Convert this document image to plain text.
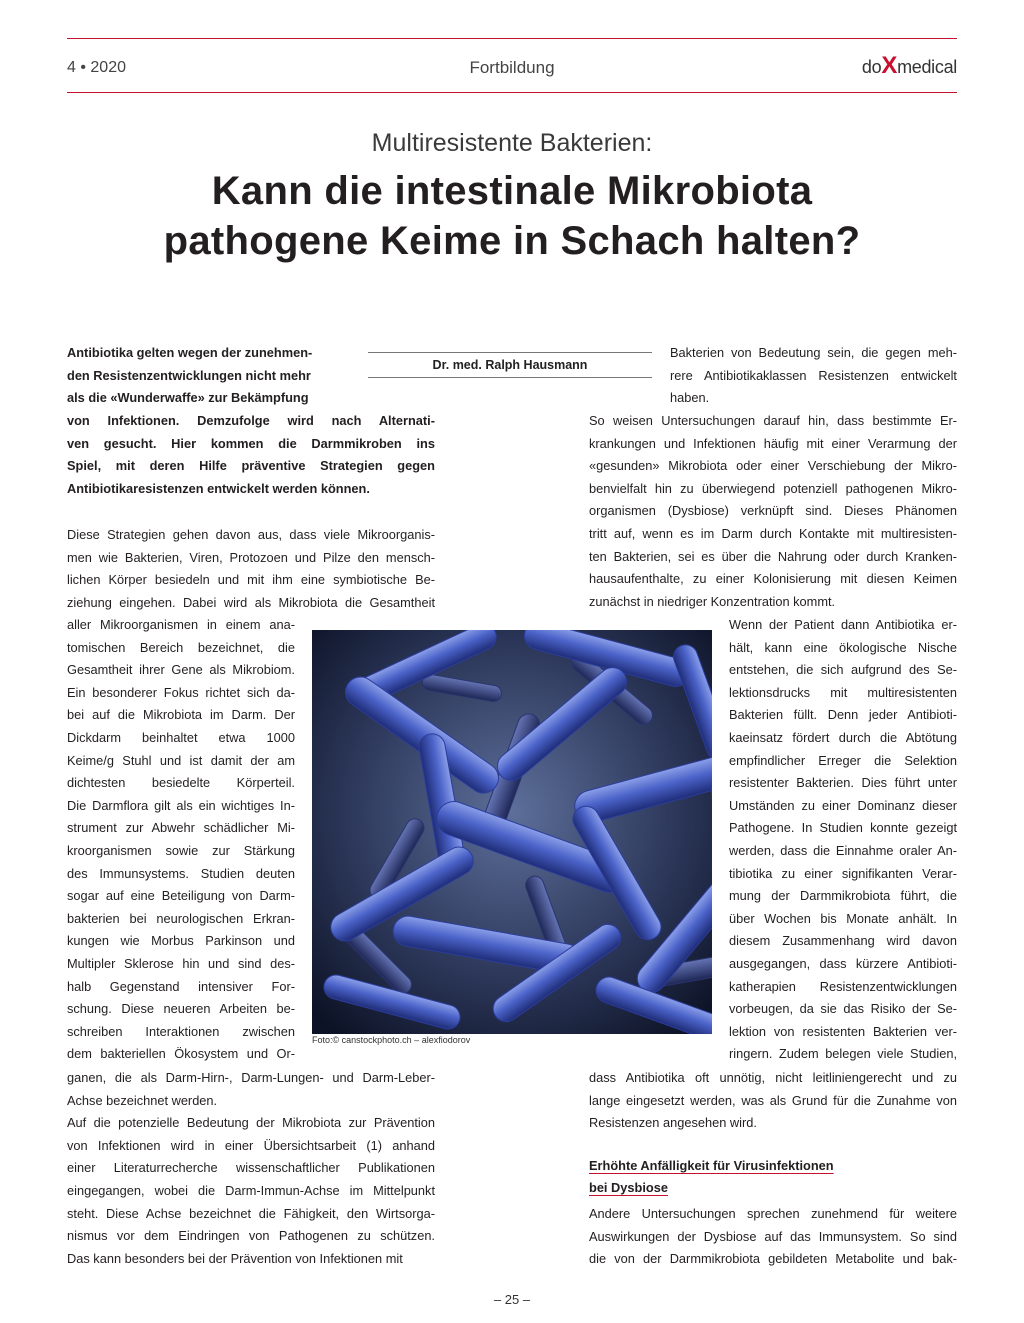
4 • 2020	Fortbildung	doXmedical
Multiresistente Bakterien:
Kann die intestinale Mikrobiota
pathogene Keime in Schach halten?
Dr. med. Ralph Hausmann
Antibiotika gelten wegen der zunehmen-
den Resistenzentwicklungen nicht mehr
als die «Wunderwaffe» zur Bekämpfung
von Infektionen. Demzufolge wird nach Alternati-
ven gesucht. Hier kommen die Darmmikroben ins
Spiel, mit deren Hilfe präventive Strategien gegen
Antibiotikaresistenzen entwickelt werden können.
Diese Strategien gehen davon aus, dass viele Mikroorganis-
men wie Bakterien, Viren, Protozoen und Pilze den mensch-
lichen Körper besiedeln und mit ihm eine symbiotische Be-
ziehung eingehen. Dabei wird als Mikrobiota die Gesamtheit
aller Mikroorganismen in einem ana-
tomischen Bereich bezeichnet, die
Gesamtheit ihrer Gene als Mikrobiom.
Ein besonderer Fokus richtet sich da-
bei auf die Mikrobiota im Darm. Der
Dickdarm beinhaltet etwa 1000
Keime/g Stuhl und ist damit der am
dichtesten besiedelte Körperteil.
Die Darmflora gilt als ein wichtiges In-
strument zur Abwehr schädlicher Mi-
kroorganismen sowie zur Stärkung
des Immunsystems. Studien deuten
sogar auf eine Beteiligung von Darm-
bakterien bei neurologischen Erkran-
kungen wie Morbus Parkinson und
Multipler Sklerose hin und sind des-
halb Gegenstand intensiver For-
schung. Diese neueren Arbeiten be-
schreiben Interaktionen zwischen
dem bakteriellen Ökosystem und Or-
ganen, die als Darm-Hirn-, Darm-Lungen- und Darm-Leber-
Achse bezeichnet werden.
Auf die potenzielle Bedeutung der Mikrobiota zur Prävention
von Infektionen wird in einer Übersichtsarbeit (1) anhand
einer Literaturrecherche wissenschaftlicher Publikationen
eingegangen, wobei die Darm-Immun-Achse im Mittelpunkt
steht. Diese Achse bezeichnet die Fähigkeit, den Wirtsorga-
nismus vor dem Eindringen von Pathogenen zu schützen.
Das kann besonders bei der Prävention von Infektionen mit
Bakterien von Bedeutung sein, die gegen meh-
rere Antibiotikaklassen Resistenzen entwickelt
haben.
So weisen Untersuchungen darauf hin, dass bestimmte Er-
krankungen und Infektionen häufig mit einer Verarmung der
«gesunden» Mikrobiota oder einer Verschiebung der Mikro-
benvielfalt hin zu überwiegend potenziell pathogenen Mikro-
organismen (Dysbiose) verknüpft sind. Dieses Phänomen
tritt auf, wenn es im Darm durch Kontakte mit multiresisten-
ten Bakterien, sei es über die Nahrung oder durch Kranken-
hausaufenthalte, zu einer Kolonisierung mit diesen Keimen
zunächst in niedriger Konzentration kommt.
Wenn der Patient dann Antibiotika er-
hält, kann eine ökologische Nische
entstehen, die sich aufgrund des Se-
lektionsdrucks mit multiresistenten
Bakterien füllt. Denn jeder Antibioti-
kaeinsatz fördert durch die Abtötung
empfindlicher Erreger die Selektion
resistenter Bakterien. Dies führt unter
Umständen zu einer Dominanz dieser
Pathogene. In Studien konnte gezeigt
werden, dass die Einnahme oraler An-
tibiotika zu einer signifikanten Verar-
mung der Darmmikrobiota führt, die
über Wochen bis Monate anhält. In
diesem Zusammenhang wird davon
ausgegangen, dass kürzere Antibioti-
katherapien Resistenzentwicklungen
vorbeugen, da sie das Risiko der Se-
lektion von resistenten Bakterien ver-
ringern. Zudem belegen viele Studien,
dass Antibiotika oft unnötig, nicht leitliniengerecht und zu
lange eingesetzt werden, was als Grund für die Zunahme von
Resistenzen angesehen wird.
Erhöhte Anfälligkeit für Virusinfektionen
bei Dysbiose
Andere Untersuchungen sprechen zunehmend für weitere
Auswirkungen der Dysbiose auf das Immunsystem. So sind
die von der Darmmikrobiota gebildeten Metabolite und bak-
Foto:© canstockphoto.ch – alexfiodorov
– 25 –
